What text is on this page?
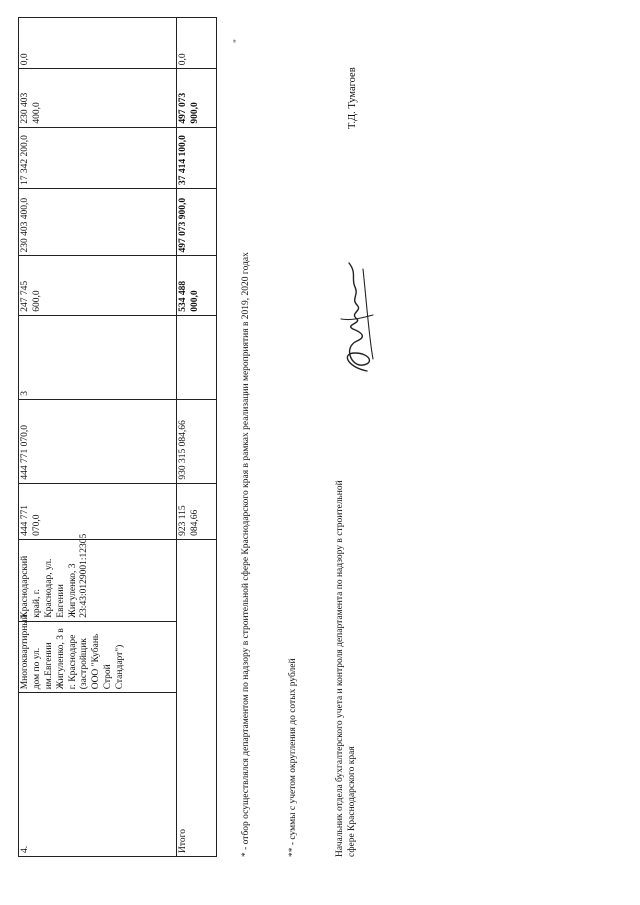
4.	Многоквартирный дом по ул. им.Евгении Жигуленко, 3 в г. Краснодаре (застройщик ООО "Кубань Строй Стандарт")	Краснодарский край, г. Краснодар, ул. Евгении Жигуленко, 3 23:43:0129001:12305	444 771 070,0	444 771 070,0	3	247 745 600,0	230 403 400,0	17 342 200,0	230 403 400,0	0,0
Итого			923 115 084,66	930 315 084,66		534 488 000,0	497 073 900,0	37 414 100,0	497 073 900,0	0,0
* - отбор осуществлялся департаментом по надзору в строительной сфере Краснодарского края в рамках реализации мероприятия в 2019, 2020 годах
"
** - суммы с учетом округления до сотых рублей	Начальник отдела бухгалтерского учета и контроля департамента по надзору в строительной сфере Краснодарского края
Т.Д. Тумагоев
